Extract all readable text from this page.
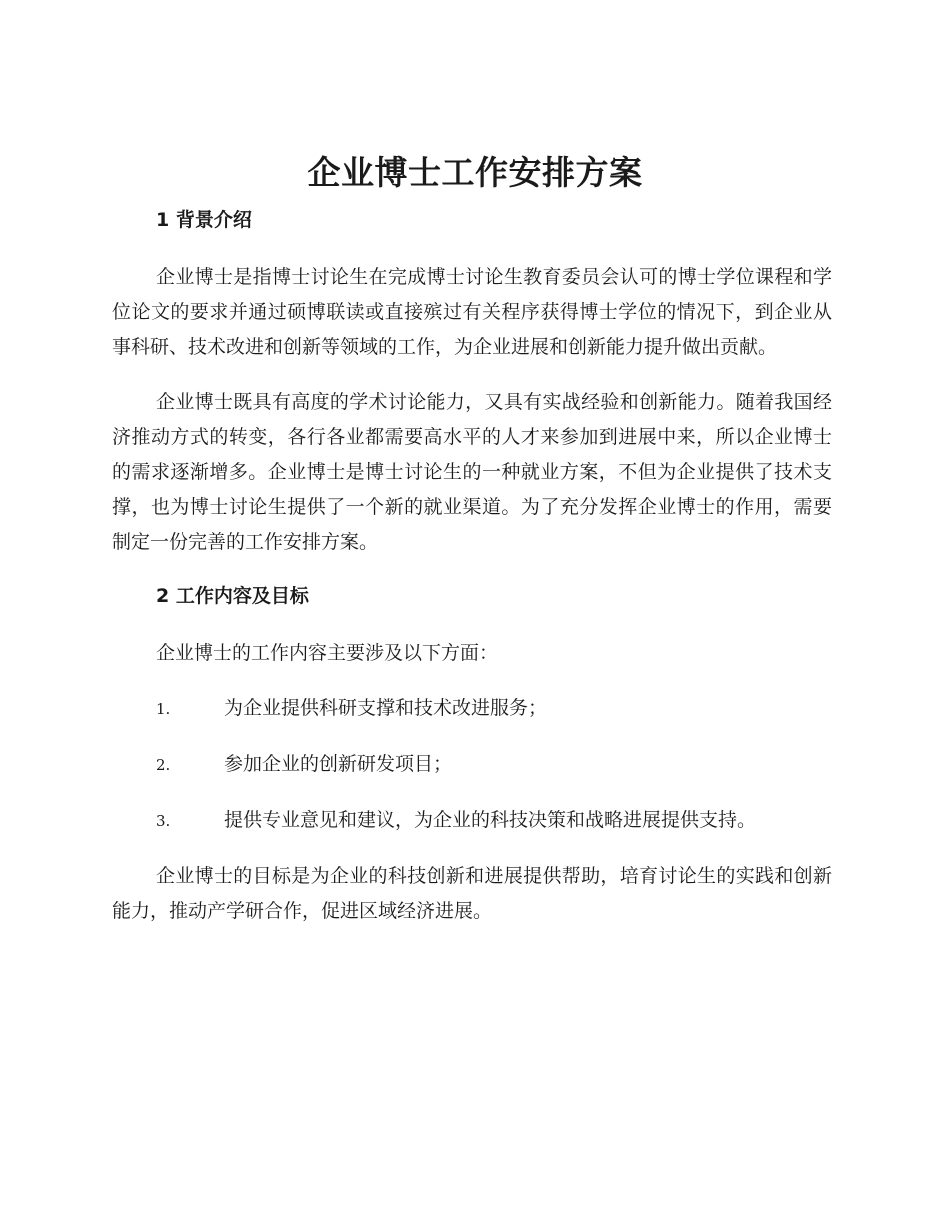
企业博士工作安排方案
1 背景介绍

企业博士是指博士讨论生在完成博士讨论生教育委员会认可的博士学位课程和学位论文的要求并通过硕博联读或直接殡过有关程序获得博士学位的情况下，到企业从事科研、技术改进和创新等领域的工作，为企业进展和创新能力提升做出贡献。

企业博士既具有高度的学术讨论能力，又具有实战经验和创新能力。随着我国经济推动方式的转变，各行各业都需要高水平的人才来参加到进展中来，所以企业博士的需求逐渐增多。企业博士是博士讨论生的一种就业方案，不但为企业提供了技术支撑，也为博士讨论生提供了一个新的就业渠道。为了充分发挥企业博士的作用，需要制定一份完善的工作安排方案。

2 工作内容及目标

企业博士的工作内容主要涉及以下方面：

1.	为企业提供科研支撑和技术改进服务；
2.	参加企业的创新研发项目；
3.	提供专业意见和建议，为企业的科技决策和战略进展提供支持。

企业博士的目标是为企业的科技创新和进展提供帮助，培育讨论生的实践和创新能力，推动产学研合作，促进区域经济进展。
